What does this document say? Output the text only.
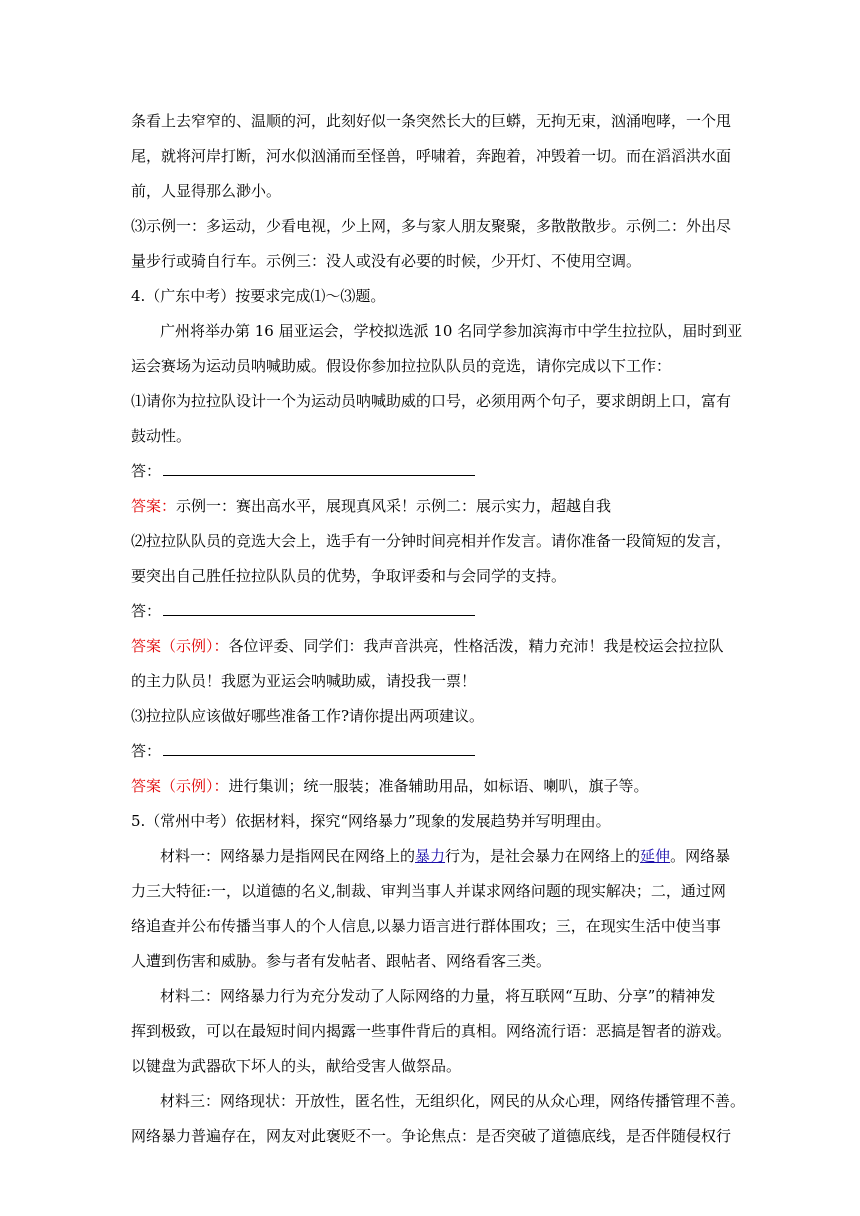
条看上去窄窄的、温顺的河，此刻好似一条突然长大的巨蟒，无拘无束，汹涌咆哮，一个甩
尾，就将河岸打断，河水似汹涌而至怪兽，呼啸着，奔跑着，冲毁着一切。而在滔滔洪水面
前，人显得那么渺小。
⑶示例一：多运动，少看电视，少上网，多与家人朋友聚聚，多散散散步。示例二：外出尽
量步行或骑自行车。示例三：没人或没有必要的时候，少开灯、不使用空调。
4.（广东中考）按要求完成⑴～⑶题。
广州将举办第 16 届亚运会，学校拟选派 10 名同学参加滨海市中学生拉拉队，届时到亚
运会赛场为运动员呐喊助威。假设你参加拉拉队队员的竞选，请你完成以下工作：
⑴请你为拉拉队设计一个为运动员呐喊助威的口号，必须用两个句子，要求朗朗上口，富有
鼓动性。
答：
答案：示例一：赛出高水平，展现真风采！示例二：展示实力，超越自我
⑵拉拉队队员的竞选大会上，选手有一分钟时间亮相并作发言。请你准备一段简短的发言，
要突出自己胜任拉拉队队员的优势，争取评委和与会同学的支持。
答：
答案（示例）：各位评委、同学们：我声音洪亮，性格活泼，精力充沛！我是校运会拉拉队
的主力队员！我愿为亚运会呐喊助威，请投我一票！
⑶拉拉队应该做好哪些准备工作?请你提出两项建议。
答：
答案（示例）：进行集训；统一服装；准备辅助用品，如标语、喇叭，旗子等。
5.（常州中考）依据材料，探究“网络暴力”现象的发展趋势并写明理由。
材料一：网络暴力是指网民在网络上的暴力行为，是社会暴力在网络上的延伸。网络暴
力三大特征:一，以道德的名义,制裁、审判当事人并谋求网络问题的现实解决；二，通过网
络追查并公布传播当事人的个人信息,以暴力语言进行群体围攻；三，在现实生活中使当事
人遭到伤害和威胁。参与者有发帖者、跟帖者、网络看客三类。
材料二：网络暴力行为充分发动了人际网络的力量，将互联网“互助、分享”的精神发
挥到极致，可以在最短时间内揭露一些事件背后的真相。网络流行语：恶搞是智者的游戏。
以键盘为武器砍下坏人的头，献给受害人做祭品。
材料三：网络现状：开放性，匿名性，无组织化，网民的从众心理，网络传播管理不善。
网络暴力普遍存在，网友对此褒贬不一。争论焦点：是否突破了道德底线，是否伴随侵权行
